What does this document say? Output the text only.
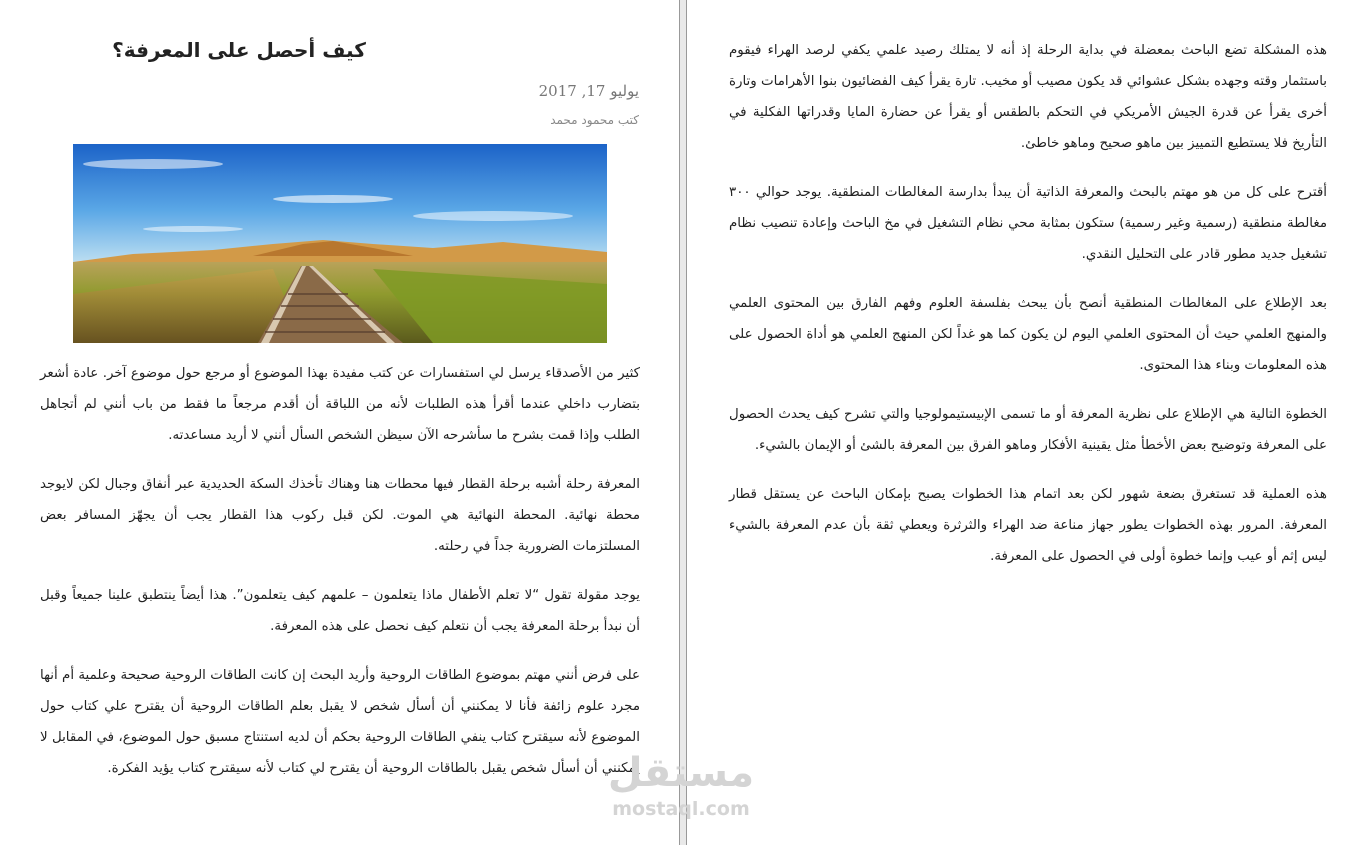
كيف أحصل على المعرفة؟
يوليو 17, 2017
كتب محمود محمد

كثير من الأصدقاء يرسل لي استفسارات عن كتب مفيدة بهذا الموضوع أو مرجع حول موضوع آخر. عادة أشعر بتضارب داخلي عندما أقرأ هذه الطلبات لأنه من اللباقة أن أقدم مرجعاً ما فقط من باب أنني لم أتجاهل الطلب وإذا قمت بشرح ما سأشرحه الآن سيظن الشخص السأل أنني لا أريد مساعدته.

المعرفة رحلة أشبه برحلة القطار فيها محطات هنا وهناك تأخذك السكة الحديدية عبر أنفاق وجبال لكن لايوجد محطة نهائية. المحطة النهائية هي الموت. لكن قبل ركوب هذا القطار يجب أن يجهّز المسافر بعض المسلتزمات الضرورية جداً في رحلته.

يوجد مقولة تقول “لا تعلم الأطفال ماذا يتعلمون – علمهم كيف يتعلمون”. هذا أيضاً ينتطبق علينا جميعاً وقبل أن نبدأ برحلة المعرفة يجب أن نتعلم كيف نحصل على هذه المعرفة.

على فرض أنني مهتم بموضوع الطاقات الروحية وأريد البحث إن كانت الطاقات الروحية صحيحة وعلمية أم أنها مجرد علوم زائفة فأنا لا يمكنني أن أسأل شخص لا يقبل بعلم الطاقات الروحية أن يقترح علي كتاب حول الموضوع لأنه سيقترح كتاب ينفي الطاقات الروحية بحكم أن لديه استنتاج مسبق حول الموضوع، في المقابل لا يمكنني أن أسأل شخص يقبل بالطاقات الروحية أن يقترح لي كتاب لأنه سيقترح كتاب يؤيد الفكرة.

هذه المشكلة تضع الباحث بمعضلة في بداية الرحلة إذ أنه لا يمتلك رصيد علمي يكفي لرصد الهراء فيقوم باستثمار وقته وجهده بشكل عشوائي قد يكون مصيب أو مخيب. تارة يقرأ كيف الفضائيون بنوا الأهرامات وتارة أخرى يقرأ عن قدرة الجيش الأمريكي في التحكم بالطقس أو يقرأ عن حضارة المايا وقدراتها الفكلية في التأريخ فلا يستطيع التمييز بين ماهو صحيح وماهو خاطئ.

أقترح على كل من هو مهتم بالبحث والمعرفة الذاتية أن يبدأ بدارسة المغالطات المنطقية. يوجد حوالي ٣٠٠ مغالطة منطقية (رسمية وغير رسمية) ستكون بمثابة محي نظام التشغيل في مخ الباحث وإعادة تنصيب نظام تشغيل جديد مطور قادر على التحليل النقدي.

بعد الإطلاع على المغالطات المنطقية أنصح بأن يبحث بفلسفة العلوم وفهم الفارق بين المحتوى العلمي والمنهج العلمي حيث أن المحتوى العلمي اليوم لن يكون كما هو غداً لكن المنهج العلمي هو أداة الحصول على هذه المعلومات وبناء هذا المحتوى.

الخطوة التالية هي الإطلاع على نظرية المعرفة أو ما تسمى الإبيستيمولوجيا والتي تشرح كيف يحدث الحصول على المعرفة وتوضيح بعض الأخطأ مثل يقينية الأفكار وماهو الفرق بين المعرفة بالشئ أو الإيمان بالشيء.

هذه العملية قد تستغرق بضعة شهور لكن بعد اتمام هذا الخطوات يصبح بإمكان الباحث عن يستقل قطار المعرفة. المرور بهذه الخطوات يطور جهاز مناعة ضد الهراء والثرثرة ويعطي ثقة بأن عدم المعرفة بالشيء ليس إثم أو عيب وإنما خطوة أولى في الحصول على المعرفة.

مستقل
mostaql.com
